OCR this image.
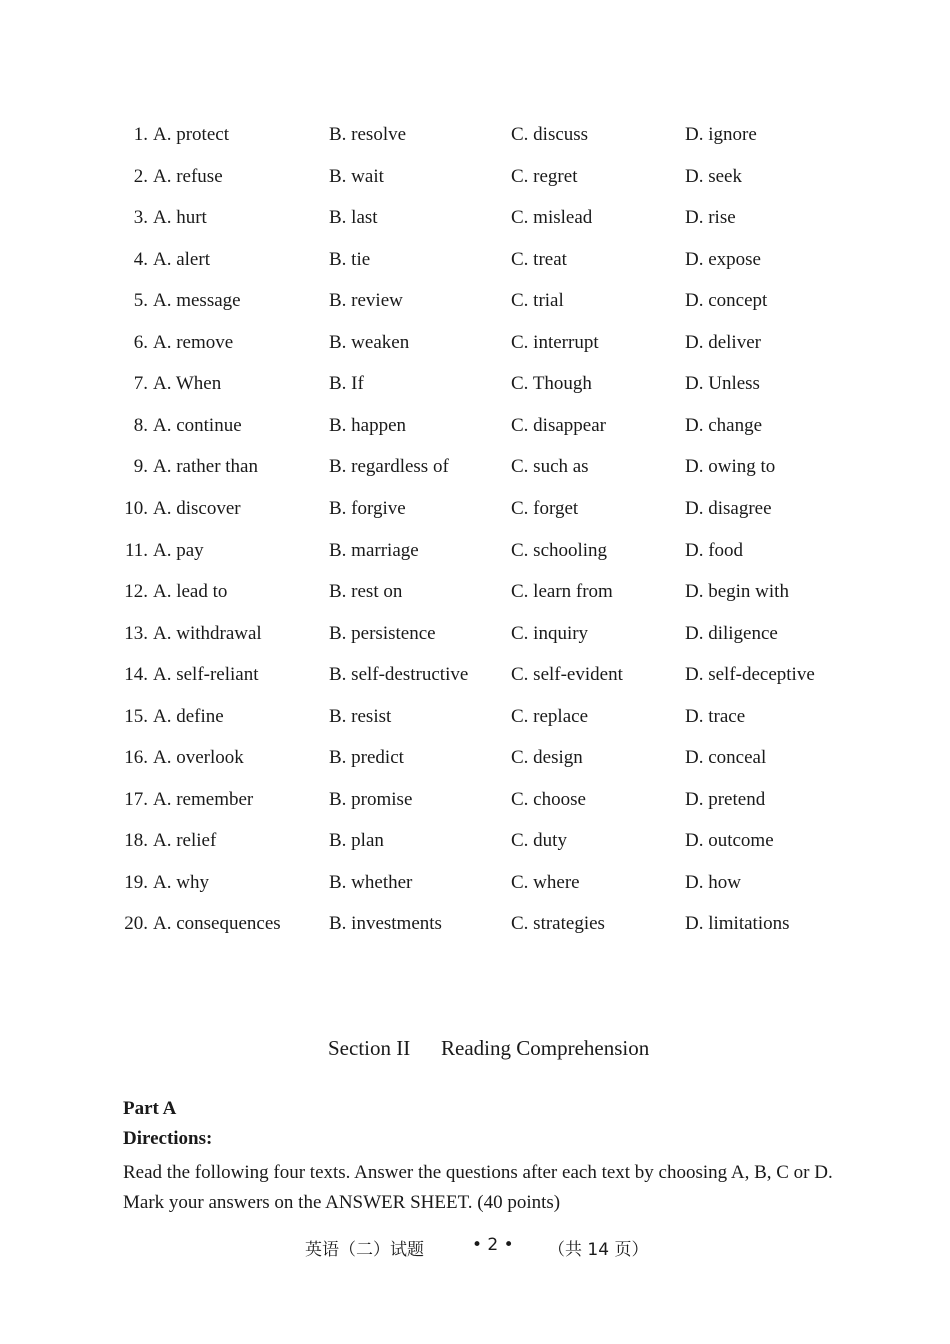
1. A. protect	B. resolve	C. discuss	D. ignore
2. A. refuse	B. wait	C. regret	D. seek
3. A. hurt	B. last	C. mislead	D. rise
4. A. alert	B. tie	C. treat	D. expose
5. A. message	B. review	C. trial	D. concept
6. A. remove	B. weaken	C. interrupt	D. deliver
7. A. When	B. If	C. Though	D. Unless
8. A. continue	B. happen	C. disappear	D. change
9. A. rather than	B. regardless of	C. such as	D. owing to
10. A. discover	B. forgive	C. forget	D. disagree
11. A. pay	B. marriage	C. schooling	D. food
12. A. lead to	B. rest on	C. learn from	D. begin with
13. A. withdrawal	B. persistence	C. inquiry	D. diligence
14. A. self-reliant	B. self-destructive C. self-evident	D. self-deceptive
15. A. define	B. resist	C. replace	D. trace
16. A. overlook	B. predict	C. design	D. conceal
17. A. remember	B. promise	C. choose	D. pretend
18. A. relief	B. plan	C. duty	D. outcome
19. A. why	B. whether	C. where	D. how
20. A. consequences	B. investments	C. strategies	D. limitations
Section II Reading Comprehension
Part A
Directions:
Read the following four texts. Answer the questions after each text by choosing A, B, C or D. Mark your answers on the ANSWER SHEET. (40 points)
英语（二）试题	• 2 • （共 14 页）
